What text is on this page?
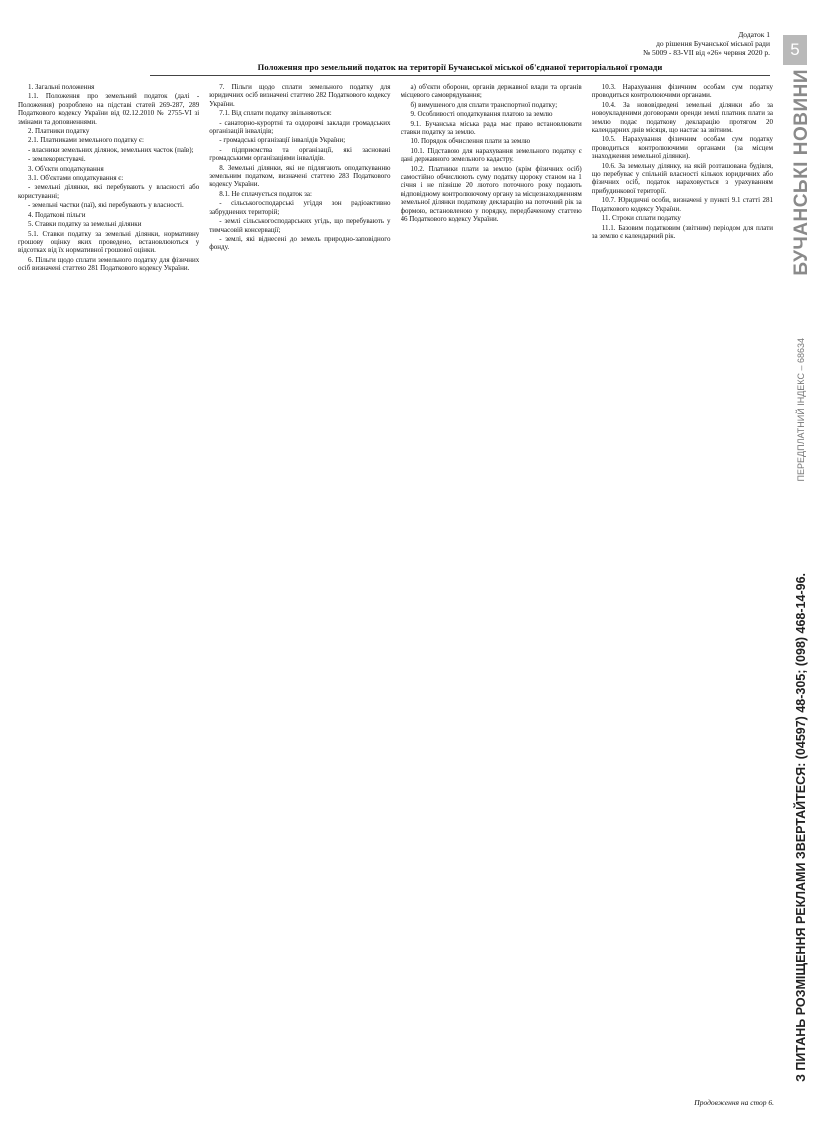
5
Додаток 1
до рішення Бучанської міської ради
№ 5009 - 83-VII від «26» червня 2020 р.
Положення про земельний податок на території Бучанської міської об'єднаної територіальної громади

1. Загальні положення

1.1. Положення про земельний податок (далі - Положення) розроблено на підставі статей 269-287, 289 Податкового кодексу України від 02.12.2010 № 2755-VI зі змінами та доповненнями.

2. Платники податку

2.1. Платниками земельного податку є:

- власники земельних ділянок, земельних часток (паїв);

- землекористувачі.

3. Об'єкти оподаткування

3.1. Об'єктами оподаткування є:

- земельні ділянки, які перебувають у власності або користуванні;

- земельні частки (паї), які перебувають у власності.

4. Податкові пільги

5. Ставки податку за земельні ділянки

5.1. Ставки податку за земельні ділянки, нормативну грошову оцінку яких проведено, встановлюються у відсотках від їх нормативної грошової оцінки.

6. Пільги щодо сплати земельного податку для фізичних осіб визначені статтею 281 Податкового кодексу України.

7. Пільги щодо сплати земельного податку для юридичних осіб визначені статтею 282 Податкового кодексу України.

7.1. Від сплати податку звільняються:

- санаторно-курортні та оздоровчі заклади громадських організацій інвалідів;

- громадські організації інвалідів України;

- підприємства та організації, які засновані громадськими організаціями інвалідів.

8. Земельні ділянки, які не підлягають оподаткуванню земельним податком, визначені статтею 283 Податкового кодексу України.

8.1. Не сплачується податок за:

- сільськогосподарські угіддя зон радіоактивно забруднених територій;

- землі сільськогосподарських угідь, що перебувають у тимчасовій консервації;

- землі, які віднесені до земель природно-заповідного фонду.

а) об'єкти оборони, органів державної влади та органів місцевого самоврядування;

б) вимушеного для сплати транспортної податку;

9. Особливості оподаткування платою за землю

9.1. Бучанська міська рада має право встановлювати ставки податку за землю.

10. Порядок обчислення плати за землю

10.1. Підставою для нарахування земельного податку є дані державного земельного кадастру.

10.2. Платники плати за землю (крім фізичних осіб) самостійно обчислюють суму податку щороку станом на 1 січня і не пізніше 20 лютого поточного року подають відповідному контролюючому органу за місцезнаходженням земельної ділянки податкову декларацію на поточний рік за формою, встановленою у порядку, передбаченому статтею 46 Податкового кодексу України.

10.3. Нарахування фізичним особам сум податку проводиться контролюючими органами.

10.4. За нововідведені земельні ділянки або за новоукладеними договорами оренди землі платник плати за землю подає податкову декларацію протягом 20 календарних днів місяця, що настає за звітним.

10.5. Нарахування фізичним особам сум податку проводиться контролюючими органами (за місцем знаходження земельної ділянки).

10.6. За земельну ділянку, на якій розташована будівля, що перебуває у спільній власності кількох юридичних або фізичних осіб, податок нараховується з урахуванням прибудинкової території.

10.7. Юридичні особи, визначені у пункті 9.1 статті 281 Податкового кодексу України.

11. Строки сплати податку

11.1. Базовим податковим (звітним) періодом для плати за землю є календарний рік.

Продовження на стор 6.
БУЧАНСЬКІ НОВИНИ
ПЕРЕДПЛАТНИЙ ІНДЕКС – 68634
З ПИТАНЬ РОЗМІЩЕННЯ РЕКЛАМИ ЗВЕРТАЙТЕСЯ: (04597) 48-305; (098) 468-14-96.
